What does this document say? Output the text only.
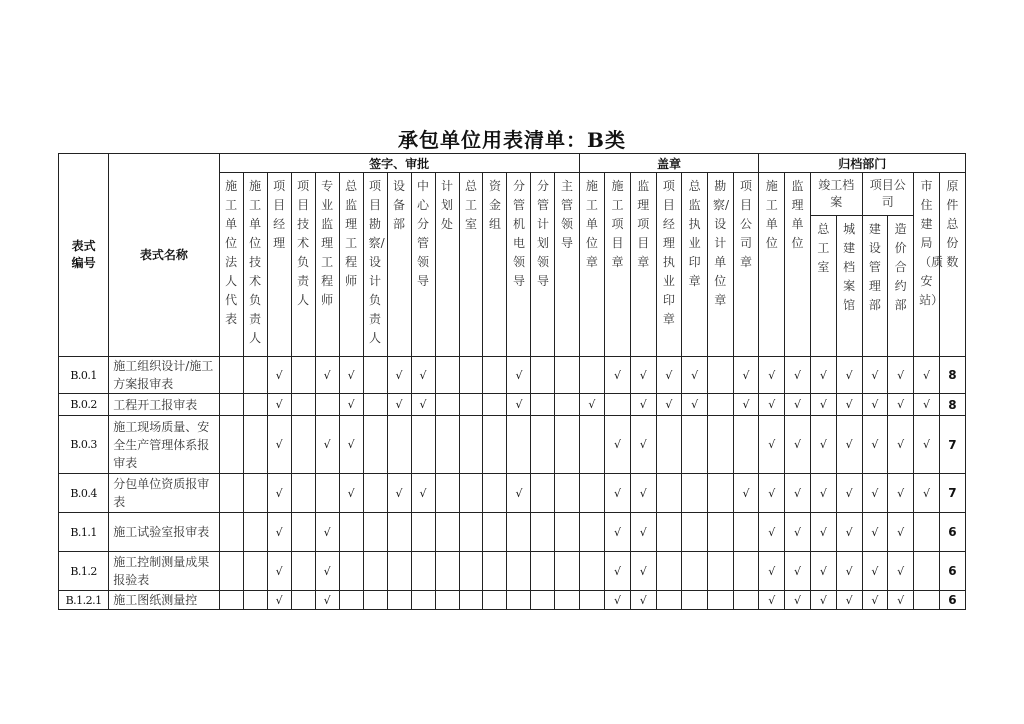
承包单位用表清单：B类
表式编号	表式名称	签字、审批															盖章							归档部门							
		施工单位法人代表	施工单位技术负责人	项目经理	项目技术负责人	专业监理工程师	总监理工程师	项目勘察/设计负责人	设备部	中心分管领导	计划处	总工室	资金组	分管机电领导	分管计划领导	主管领导	施工单位章	施工项目章	监理项目章	项目经理执业印章	总监执业印章	勘察/设计单位章	项目公司章	施工单位	监理单位	竣工档案		项目公司		市住建局（质安站）	原件总份数
																										总工室	城建档案馆	建设管理部	造价合约部		
B.0.1	施工组织设计/施工方案报审表			√		√	√		√	√				√				√	√	√	√		√	√	√	√	√	√	√	√	8
B.0.2	工程开工报审表			√			√		√	√				√			√		√	√	√		√	√	√	√	√	√	√	√	8
B.0.3	施工现场质量、安全生产管理体系报审表			√		√	√											√	√					√	√	√	√	√	√	√	7
B.0.4	分包单位资质报审表			√			√		√	√				√				√	√				√	√	√	√	√	√	√	√	7
B.1.1	施工试验室报审表			√		√												√	√					√	√	√	√	√	√		6
B.1.2	施工控制测量成果报验表			√		√												√	√					√	√	√	√	√	√		6
B.1.2.1	施工图纸测量控			√		√												√	√					√	√	√	√	√	√		6
